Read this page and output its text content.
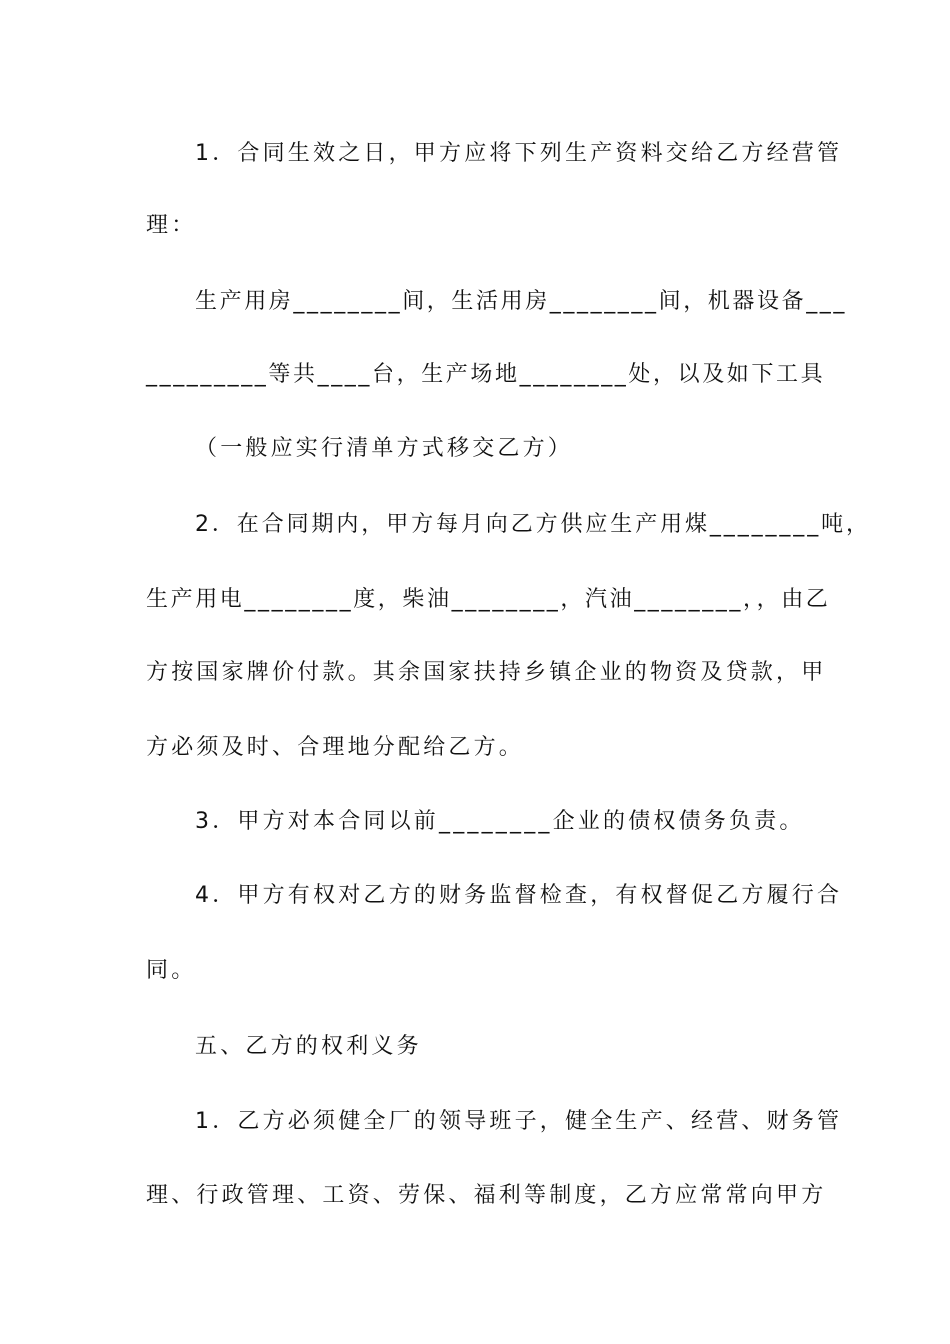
1．合同生效之日，甲方应将下列生产资料交给乙方经营管
理：
生产用房________间，生活用房________间，机器设备___
_________等共____台，生产场地________处，以及如下工具
（一般应实行清单方式移交乙方）
2．在合同期内，甲方每月向乙方供应生产用煤________吨，
生产用电________度，柴油________，汽油________，，由乙
方按国家牌价付款。其余国家扶持乡镇企业的物资及贷款，甲
方必须及时、合理地分配给乙方。
3．甲方对本合同以前________企业的债权债务负责。
4．甲方有权对乙方的财务监督检查，有权督促乙方履行合
同。
五、乙方的权利义务
1．乙方必须健全厂的领导班子，健全生产、经营、财务管
理、行政管理、工资、劳保、福利等制度，乙方应常常向甲方
